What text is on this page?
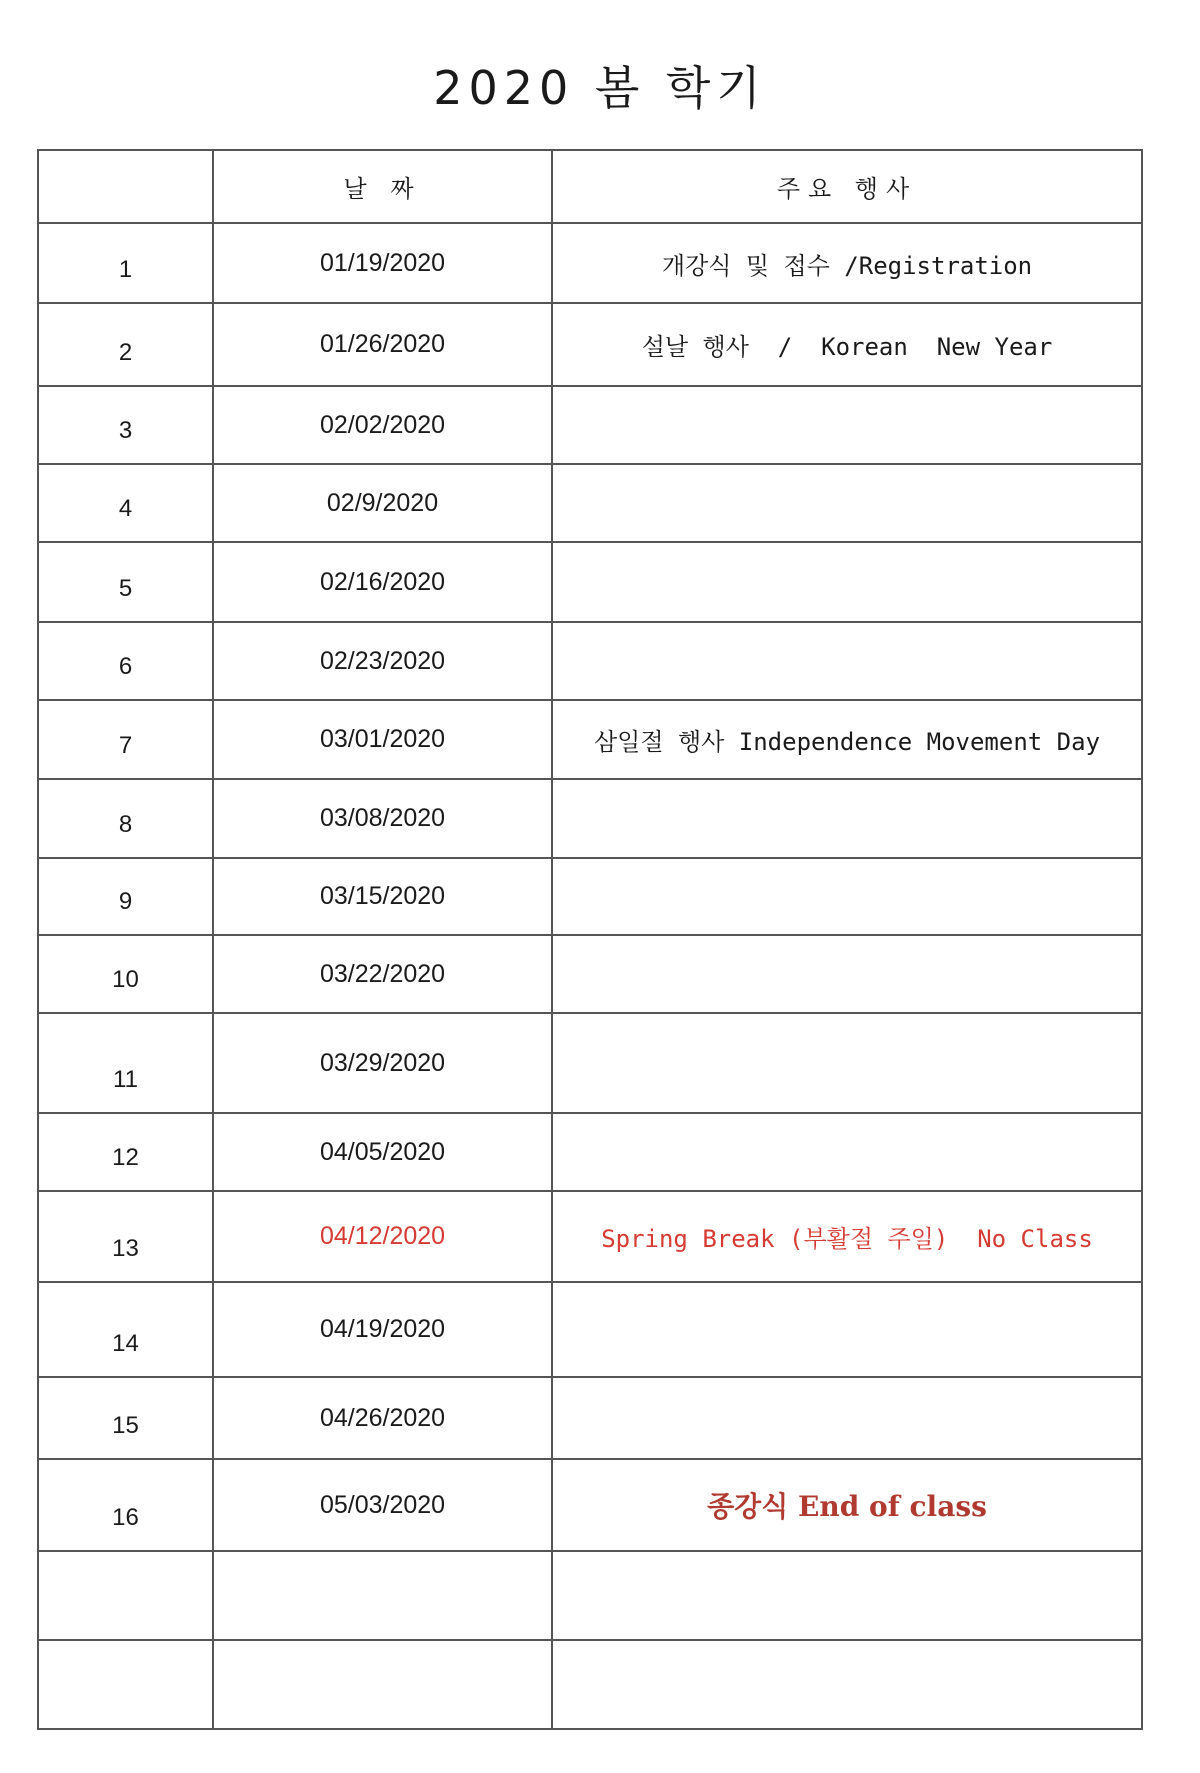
2020 봄 학기
	날 짜	주요 행사
1	01/19/2020	개강식 및 접수 /Registration
2	01/26/2020	설날 행사  /  Korean  New Year
3	02/02/2020	
4	02/9/2020	
5	02/16/2020	
6	02/23/2020	
7	03/01/2020	삼일절 행사 Independence Movement Day
8	03/08/2020	
9	03/15/2020	
10	03/22/2020	
11	03/29/2020	
12	04/05/2020	
13	04/12/2020	Spring Break (부활절 주일)  No Class
14	04/19/2020	
15	04/26/2020	
16	05/03/2020	종강식 End of class
